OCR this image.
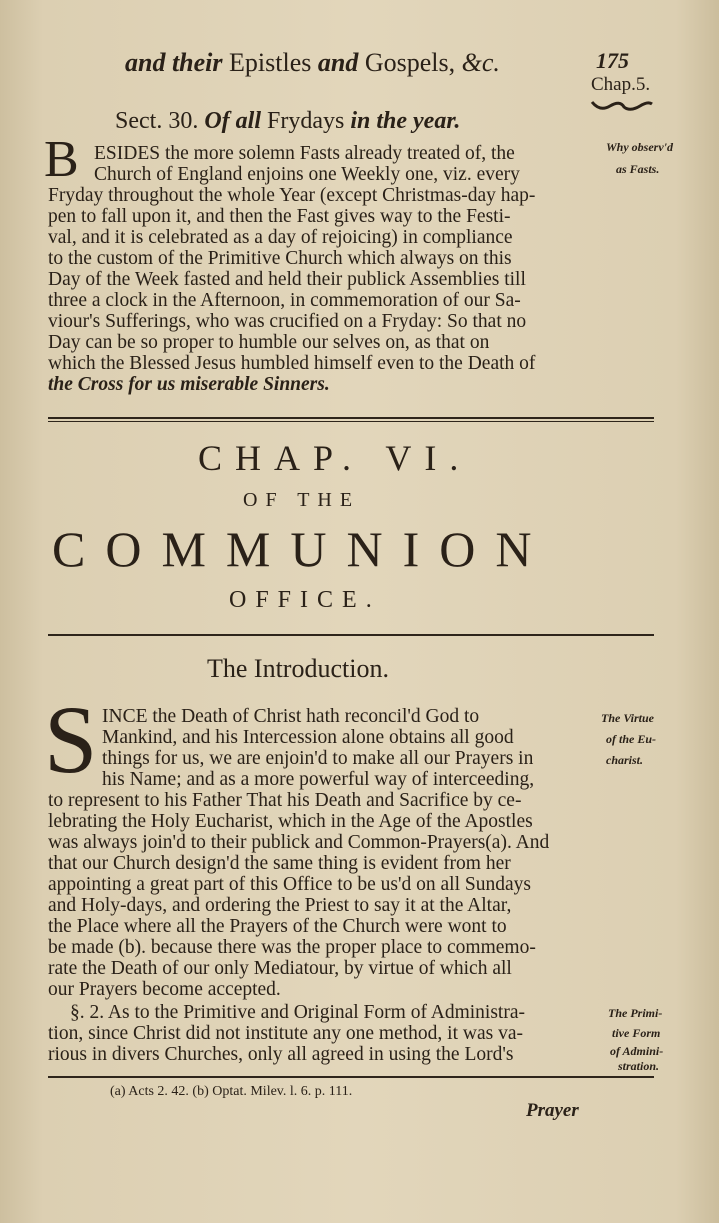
and their Epistles and Gospels, &c.	175
Chap.5.
Sect. 30. Of all Frydays in the year.
B ESIDES the more solemn Fasts already treated of, the
Church of England enjoins one Weekly one, viz. every
Fryday throughout the whole Year (except Christmas-day hap-
pen to fall upon it, and then the Fast gives way to the Festi-
val, and it is celebrated as a day of rejoicing) in compliance
to the custom of the Primitive Church which always on this
Day of the Week fasted and held their publick Assemblies till
three a clock in the Afternoon, in commemoration of our Sa-
viour's Sufferings, who was crucified on a Fryday: So that no
Day can be so proper to humble our selves on, as that on
which the Blessed Jesus humbled himself even to the Death of
the Cross for us miserable Sinners.
Why observ'd
as Fasts.
CHAP. VI.
OF THE
COMMUNION
OFFICE.
The Introduction.
S INCE the Death of Christ hath reconcil'd God to
Mankind, and his Intercession alone obtains all good
things for us, we are enjoin'd to make all our Prayers in
his Name; and as a more powerful way of interceeding,
to represent to his Father That his Death and Sacrifice by ce-
lebrating the Holy Eucharist, which in the Age of the Apostles
was always join'd to their publick and Common-Prayers(a). And
that our Church design'd the same thing is evident from her
appointing a great part of this Office to be us'd on all Sundays
and Holy-days, and ordering the Priest to say it at the Altar,
the Place where all the Prayers of the Church were wont to
be made (b). because there was the proper place to commemo-
rate the Death of our only Mediatour, by virtue of which all
our Prayers become accepted.
§. 2. As to the Primitive and Original Form of Administra-
tion, since Christ did not institute any one method, it was va-
rious in divers Churches, only all agreed in using the Lord's
The Virtue
of the Eu-
charist.
The Primi-
tive Form
of Admini-
stration.
(a) Acts 2. 42. (b) Optat. Milev. l. 6. p. 111.
Prayer
